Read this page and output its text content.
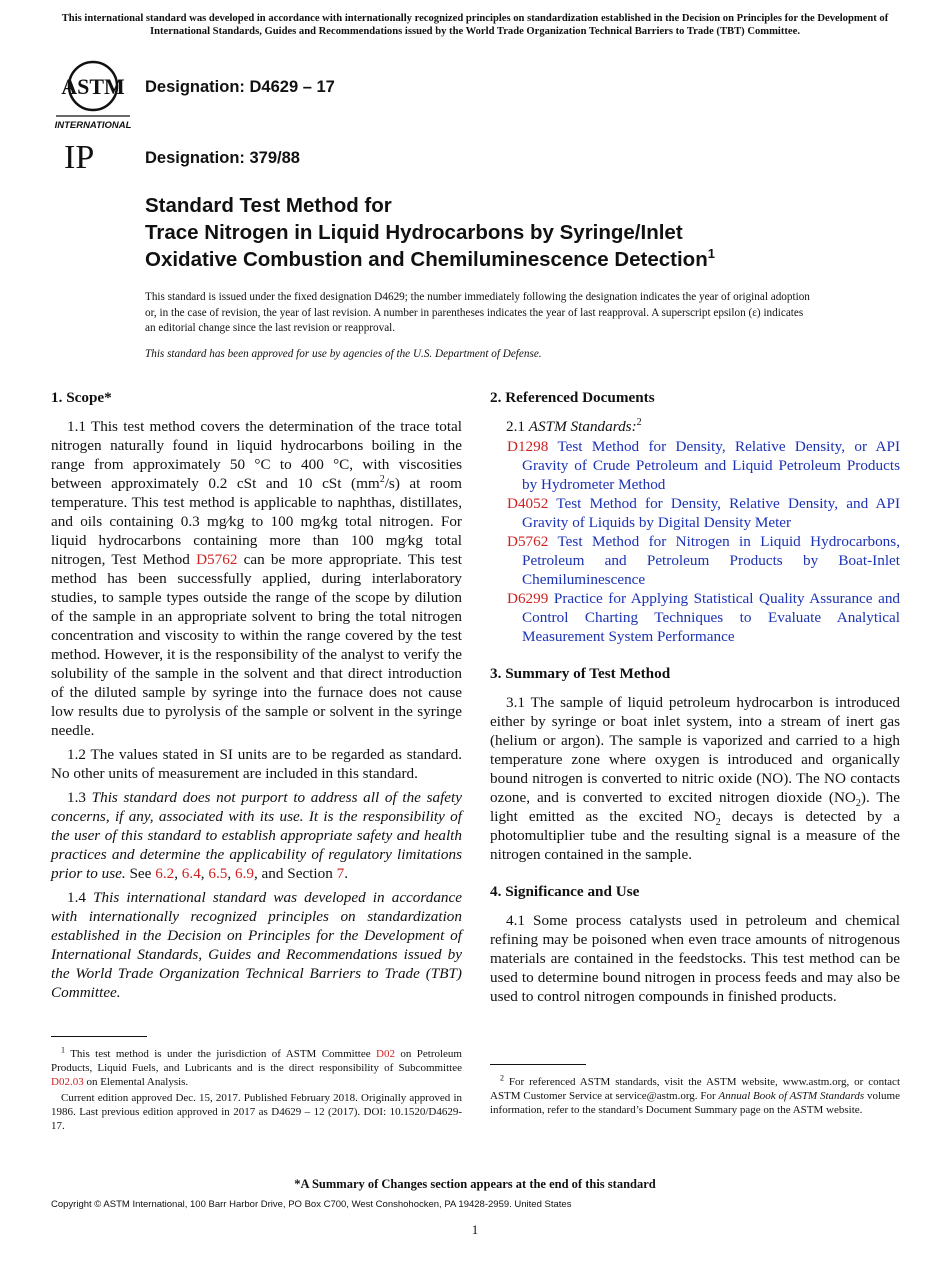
This international standard was developed in accordance with internationally recognized principles on standardization established in the Decision on Principles for the Development of International Standards, Guides and Recommendations issued by the World Trade Organization Technical Barriers to Trade (TBT) Committee.
ASTM
INTERNATIONAL
IP
Designation: D4629 – 17
Designation: 379/88
Standard Test Method for
Trace Nitrogen in Liquid Hydrocarbons by Syringe/Inlet
Oxidative Combustion and Chemiluminescence Detection$^1$

This standard is issued under the fixed designation D4629; the number immediately following the designation indicates the year of original adoption or, in the case of revision, the year of last revision. A number in parentheses indicates the year of last reapproval. A superscript epsilon (ε) indicates an editorial change since the last revision or reapproval.

This standard has been approved for use by agencies of the U.S. Department of Defense.

1. Scope*

1.1 This test method covers the determination of the trace total nitrogen naturally found in liquid hydrocarbons boiling in the range from approximately 50 °C to 400 °C, with viscosities between approximately 0.2 cSt and 10 cSt $(mm^2/s)$ at room temperature. This test method is applicable to naphthas, distillates, and oils containing 0.3 mg⁄kg to 100 mg⁄kg total nitrogen. For liquid hydrocarbons containing more than 100 mg⁄kg total nitrogen, Test Method D5762 can be more appropriate. This test method has been successfully applied, during interlaboratory studies, to sample types outside the range of the scope by dilution of the sample in an appropriate solvent to bring the total nitrogen concentration and viscosity to within the range covered by the test method. However, it is the responsibility of the analyst to verify the solubility of the sample in the solvent and that direct introduction of the diluted sample by syringe into the furnace does not cause low results due to pyrolysis of the sample or solvent in the syringe needle.

1.2 The values stated in SI units are to be regarded as standard. No other units of measurement are included in this standard.

1.3 This standard does not purport to address all of the safety concerns, if any, associated with its use. It is the responsibility of the user of this standard to establish appropriate safety and health practices and determine the applicability of regulatory limitations prior to use. See 6.2, 6.4, 6.5, 6.9, and Section 7.

1.4 This international standard was developed in accordance with internationally recognized principles on standardization established in the Decision on Principles for the Development of International Standards, Guides and Recommendations issued by the World Trade Organization Technical Barriers to Trade (TBT) Committee.

$^1$ This test method is under the jurisdiction of ASTM Committee D02 on Petroleum Products, Liquid Fuels, and Lubricants and is the direct responsibility of Subcommittee D02.03 on Elemental Analysis.

Current edition approved Dec. 15, 2017. Published February 2018. Originally approved in 1986. Last previous edition approved in 2017 as D4629 – 12 (2017). DOI: 10.1520/D4629-17.

2. Referenced Documents

2.1 ASTM Standards:$^2$

D1298 Test Method for Density, Relative Density, or API Gravity of Crude Petroleum and Liquid Petroleum Products by Hydrometer Method
D4052 Test Method for Density, Relative Density, and API Gravity of Liquids by Digital Density Meter
D5762 Test Method for Nitrogen in Liquid Hydrocarbons, Petroleum and Petroleum Products by Boat-Inlet Chemiluminescence
D6299 Practice for Applying Statistical Quality Assurance and Control Charting Techniques to Evaluate Analytical Measurement System Performance
3. Summary of Test Method

3.1 The sample of liquid petroleum hydrocarbon is introduced either by syringe or boat inlet system, into a stream of inert gas (helium or argon). The sample is vaporized and carried to a high temperature zone where oxygen is introduced and organically bound nitrogen is converted to nitric oxide (NO). The NO contacts ozone, and is converted to excited nitrogen dioxide $(NO_2)$. The light emitted as the excited $NO_2$ decays is detected by a photomultiplier tube and the resulting signal is a measure of the nitrogen contained in the sample.

4. Significance and Use

4.1 Some process catalysts used in petroleum and chemical refining may be poisoned when even trace amounts of nitrogenous materials are contained in the feedstocks. This test method can be used to determine bound nitrogen in process feeds and may also be used to control nitrogen compounds in finished products.

$^2$ For referenced ASTM standards, visit the ASTM website, www.astm.org, or contact ASTM Customer Service at service@astm.org. For Annual Book of ASTM Standards volume information, refer to the standard’s Document Summary page on the ASTM website.

*A Summary of Changes section appears at the end of this standard
Copyright © ASTM International, 100 Barr Harbor Drive, PO Box C700, West Conshohocken, PA 19428-2959. United States
1
